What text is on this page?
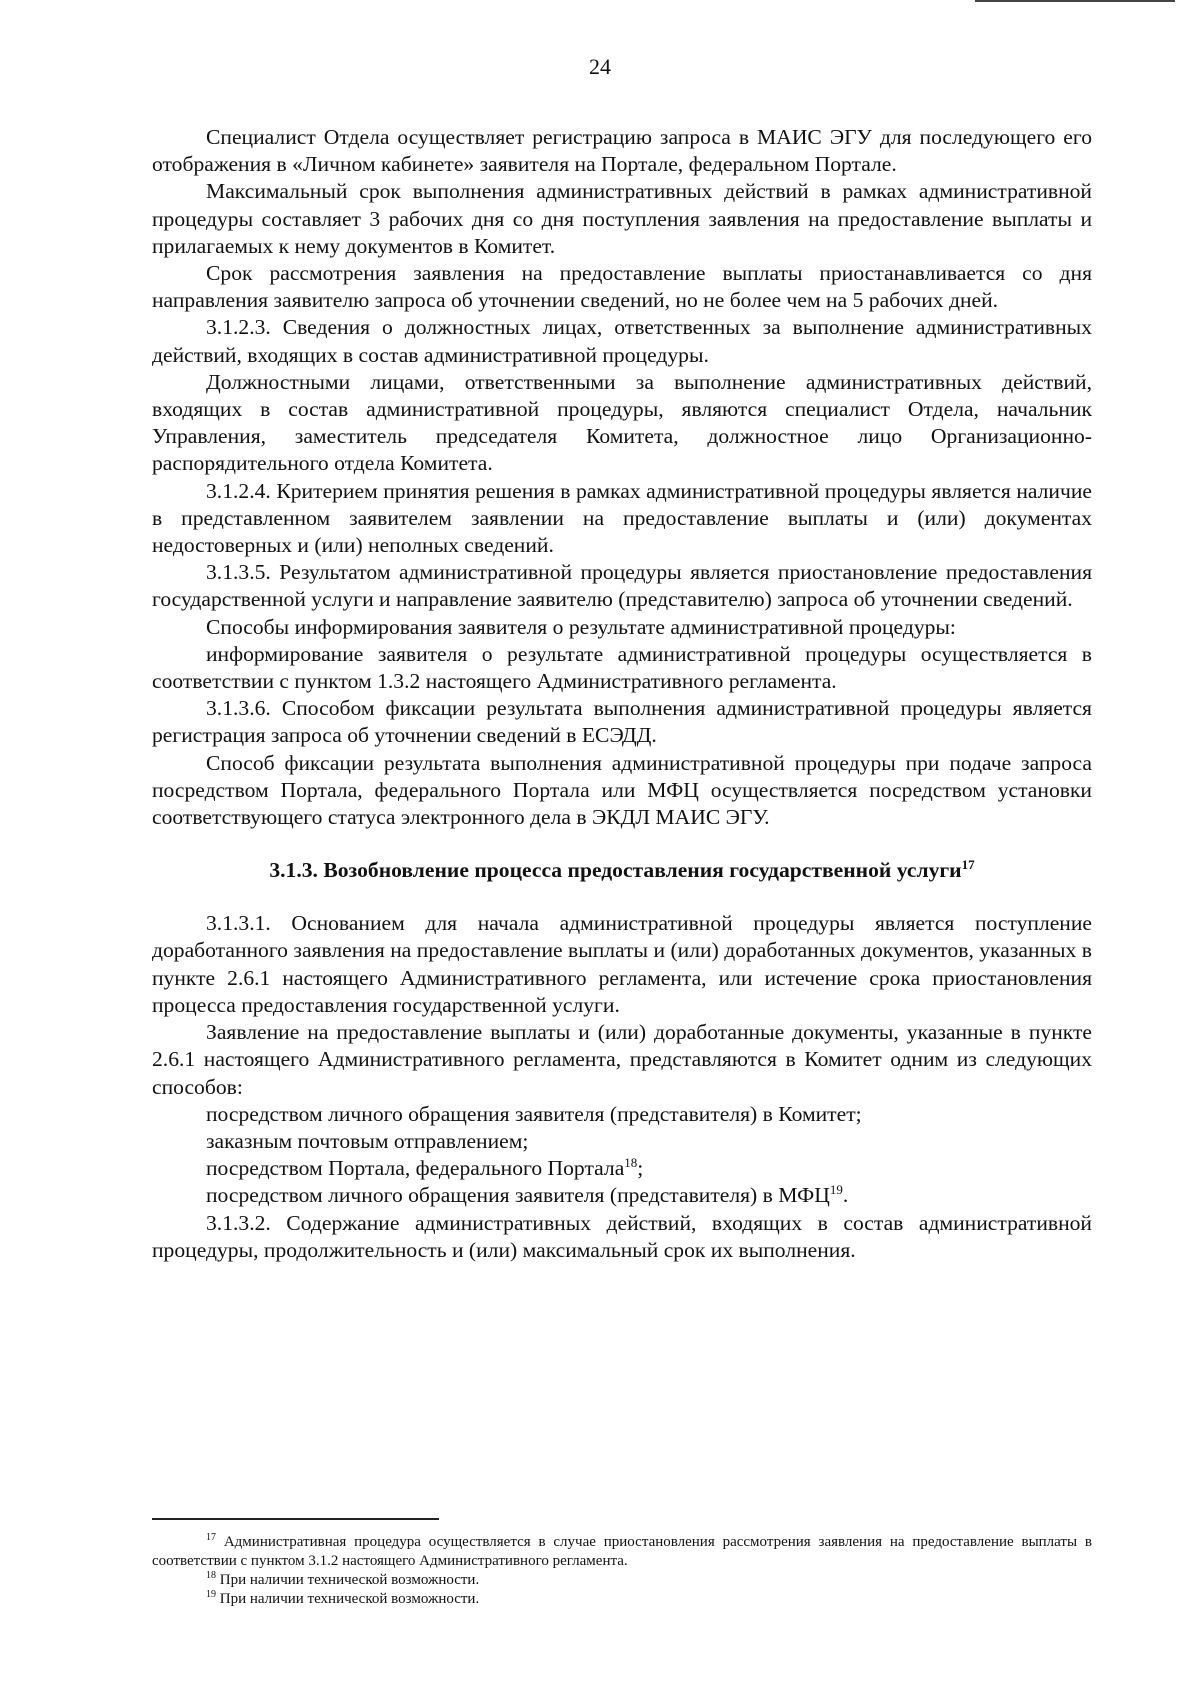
24

Специалист Отдела осуществляет регистрацию запроса в МАИС ЭГУ для последующего его отображения в «Личном кабинете» заявителя на Портале, федеральном Портале.

Максимальный срок выполнения административных действий в рамках административной процедуры составляет 3 рабочих дня со дня поступления заявления на предоставление выплаты и прилагаемых к нему документов в Комитет.

Срок рассмотрения заявления на предоставление выплаты приостанавливается со дня направления заявителю запроса об уточнении сведений, но не более чем на 5 рабочих дней.

3.1.2.3. Сведения о должностных лицах, ответственных за выполнение административных действий, входящих в состав административной процедуры.

Должностными лицами, ответственными за выполнение административных действий, входящих в состав административной процедуры, являются специалист Отдела, начальник Управления, заместитель председателя Комитета, должностное лицо Организационно-распорядительного отдела Комитета.

3.1.2.4. Критерием принятия решения в рамках административной процедуры является наличие в представленном заявителем заявлении на предоставление выплаты и (или) документах недостоверных и (или) неполных сведений.

3.1.3.5. Результатом административной процедуры является приостановление предоставления государственной услуги и направление заявителю (представителю) запроса об уточнении сведений.

Способы информирования заявителя о результате административной процедуры:

информирование заявителя о результате административной процедуры осуществляется в соответствии с пунктом 1.3.2 настоящего Административного регламента.

3.1.3.6. Способом фиксации результата выполнения административной процедуры является регистрация запроса об уточнении сведений в ЕСЭДД.

Способ фиксации результата выполнения административной процедуры при подаче запроса посредством Портала, федерального Портала или МФЦ осуществляется посредством установки соответствующего статуса электронного дела в ЭКДЛ МАИС ЭГУ.

3.1.3. Возобновление процесса предоставления государственной услуги$^{17}$

3.1.3.1. Основанием для начала административной процедуры является поступление доработанного заявления на предоставление выплаты и (или) доработанных документов, указанных в пункте 2.6.1 настоящего Административного регламента, или истечение срока приостановления процесса предоставления государственной услуги.

Заявление на предоставление выплаты и (или) доработанные документы, указанные в пункте 2.6.1 настоящего Административного регламента, представляются в Комитет одним из следующих способов:

посредством личного обращения заявителя (представителя) в Комитет;

заказным почтовым отправлением;

посредством Портала, федерального Портала$^{18}$;

посредством личного обращения заявителя (представителя) в МФЦ$^{19}$.

3.1.3.2. Содержание административных действий, входящих в состав административной процедуры, продолжительность и (или) максимальный срок их выполнения.

$^{17}$ Административная процедура осуществляется в случае приостановления рассмотрения заявления на предоставление выплаты в соответствии с пунктом 3.1.2 настоящего Административного регламента.

$^{18}$ При наличии технической возможности.

$^{19}$ При наличии технической возможности.
